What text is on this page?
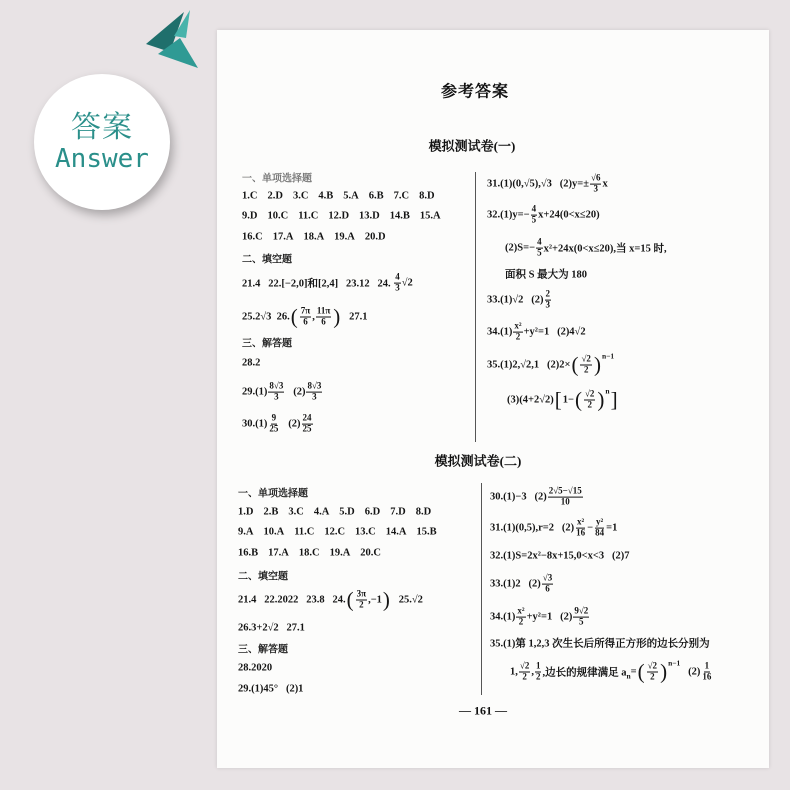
答案
Answer
参考答案
模拟测试卷(一)
一、单项选择题
1.C 2.D 3.C 4.B 5.A 6.B 7.C 8.D
9.D 10.C 11.C 12.D 13.D 14.B 15.A
16.C 17.A 18.A 19.A 20.D
二、填空题
21.4   22.[−2,0]和[2,4]   23.12   24. $\frac{4}{3} √2$
25.2√3  26. ( $\frac{7\pi}{6}$ , $\frac{11\pi}{6}$ ) 27.1
三、解答题
28.2
$29.(1) \frac{8√3}{3} (2) \frac{8√3}{3}$
$30.(1) \frac{9}{25} (2) \frac{24}{25}$
31.(1)(0,√5),√3   $(2)y=\pm \frac{√6}{3}$ x
$32.(1)y=- \frac{4}{5} x+24(0<x\le 20)$
$(2)S=- \frac{4}{5} x^2+24x(0<x\le 20)$,当 x=15 时,
面积 S 最大为 180
33.(1)√2   $(2) \frac{2}{3}$
$34.(1) \frac{\text{x²}}{2} +y^2=1$   (2)4√2
35.(1)2,√2,1   (2)2× ( $\frac{√2}{2}$ ) n−1
(3)(4+2√2) [ 1− ( $\frac{√2}{2}$ ) n ]
模拟测试卷(二)
一、单项选择题
1.D 2.B 3.C 4.A 5.D 6.D 7.D 8.D
9.A 10.A 11.C 12.C 13.C 14.A 15.B
16.B 17.A 18.C 19.A 20.C
二、填空题
21.4   22.2022   23.8   24. ( $\frac{3\pi}{2} ,-1$ ) 25.√2
26.3+2√2   27.1
三、解答题
28.2020
29.(1)45°   (2)1
30.(1)−3   $(2) \frac{2√5-√15}{10}$
31.(1)(0,5),r=2   $(2) \frac{\text{x²}}{16} - \frac{\text{y²}}{84} =1$
32.(1)S=2x²−8x+15,0<x<3   (2)7
33.(1)2   $(2) \frac{√3}{6}$
$34.(1) \frac{\text{x²}}{2} +y^2=1$   $(2) \frac{9√2}{5}$
35.(1)第 1,2,3 次生长后所得正方形的边长分别为
1, $\frac{√2}{2}$ , $\frac{1}{2}$ ,边长的规律满足 a n = ( $\frac{√2}{2}$ ) n−1
$(2) \frac{1}{16}$
— 161 —
